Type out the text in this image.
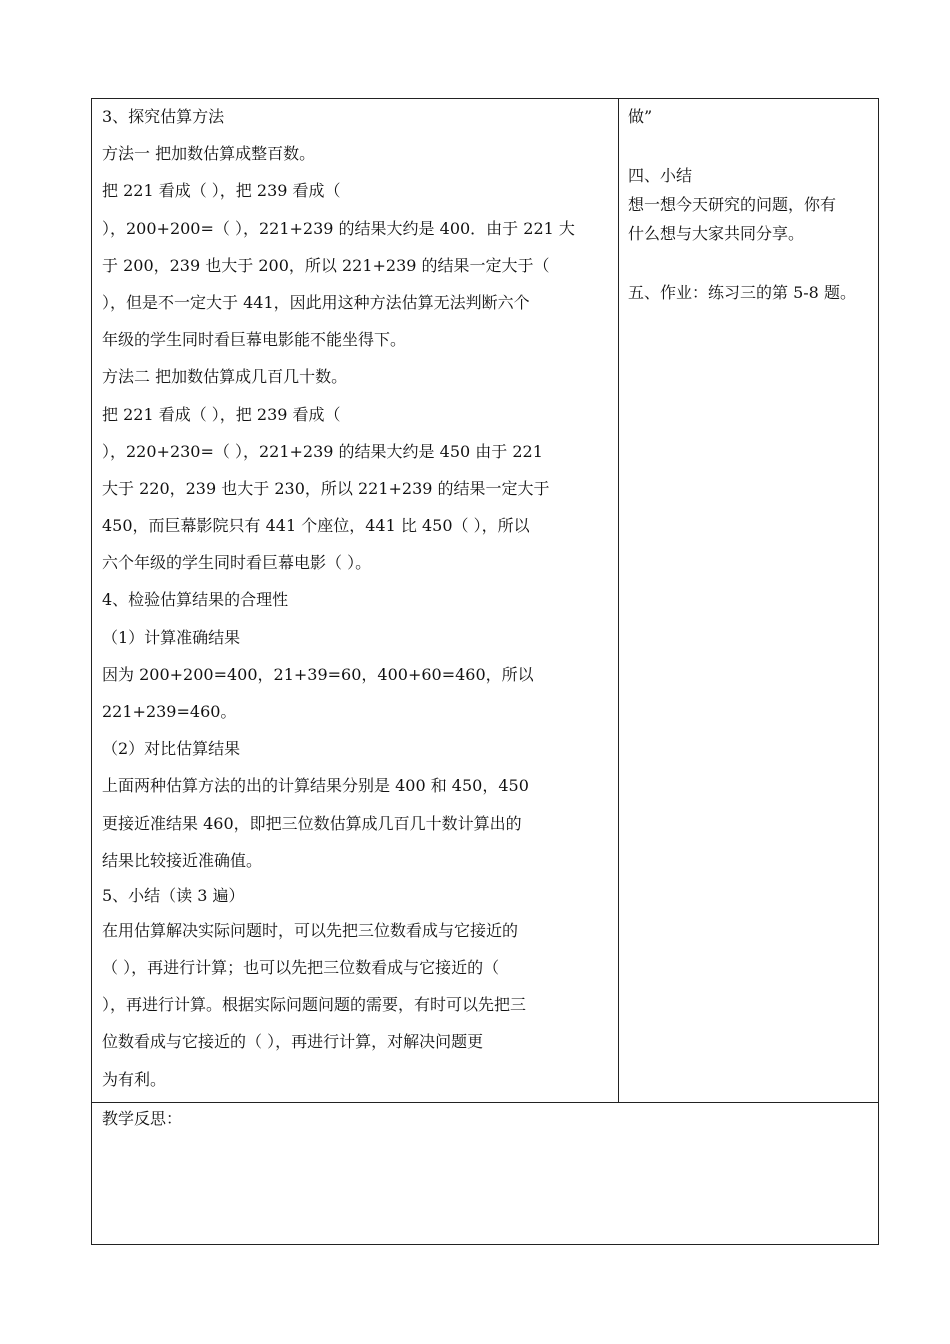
3、探究估算方法
方法一 把加数估算成整百数。
把 221 看成（ ），把 239 看成（
），200+200=（ ），221+239 的结果大约是 400．由于 221 大
于 200，239 也大于 200，所以 221+239 的结果一定大于（
），但是不一定大于 441，因此用这种方法估算无法判断六个
年级的学生同时看巨幕电影能不能坐得下。
方法二 把加数估算成几百几十数。
把 221 看成（ ），把 239 看成（
），220+230=（ ），221+239 的结果大约是 450 由于 221
大于 220，239 也大于 230，所以 221+239 的结果一定大于
450，而巨幕影院只有 441 个座位，441 比 450（ ），所以
六个年级的学生同时看巨幕电影（ ）。
4、检验估算结果的合理性
（1）计算准确结果
因为 200+200=400，21+39=60，400+60=460，所以
221+239=460。
（2）对比估算结果
上面两种估算方法的出的计算结果分别是 400 和 450，450
更接近准结果 460，即把三位数估算成几百几十数计算出的
结果比较接近准确值。
5、小结（读 3 遍）
在用估算解决实际问题时，可以先把三位数看成与它接近的
（ ），再进行计算；也可以先把三位数看成与它接近的（
），再进行计算。根据实际问题问题的需要，有时可以先把三
位数看成与它接近的（ ），再进行计算，对解决问题更
为有利。
做”
四、小结
想一想今天研究的问题，你有
什么想与大家共同分享。
五、作业：练习三的第 5-8 题。
教学反思：
